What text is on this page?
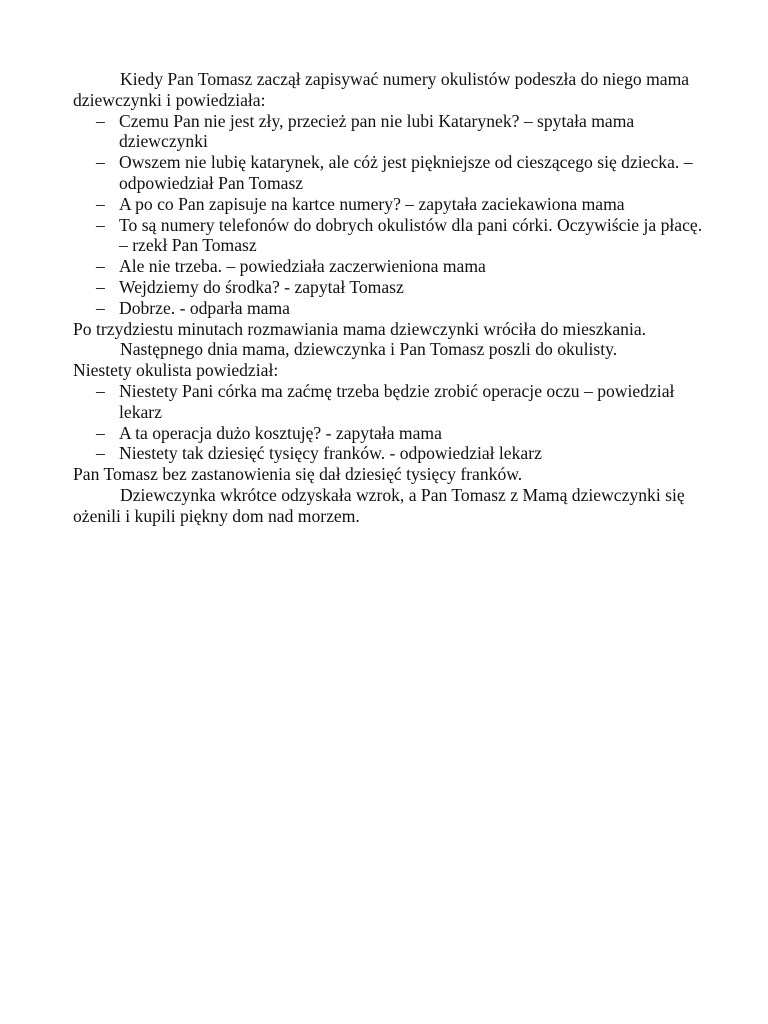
Kiedy Pan Tomasz zaczął zapisywać numery okulistów podeszła do niego mama dziewczynki i powiedziała:

– Czemu Pan nie jest zły, przecież pan nie lubi Katarynek? – spytała mama dziewczynki
– Owszem nie lubię katarynek, ale cóż jest piękniejsze od cieszącego się dziecka. – odpowiedział Pan Tomasz
– A po co Pan zapisuje na kartce numery? – zapytała zaciekawiona mama
– To są numery telefonów do dobrych okulistów dla pani córki. Oczywiście ja płacę. – rzekł Pan Tomasz
– Ale nie trzeba. – powiedziała zaczerwieniona mama
– Wejdziemy do środka? - zapytał Tomasz
– Dobrze. - odparła mama

Po trzydziestu minutach rozmawiania mama dziewczynki wróciła do mieszkania.

Następnego dnia mama, dziewczynka i Pan Tomasz poszli do okulisty.

Niestety okulista powiedział:

– Niestety Pani córka ma zaćmę trzeba będzie zrobić operacje oczu – powiedział lekarz
– A ta operacja dużo kosztuję? - zapytała mama
– Niestety tak dziesięć tysięcy franków. - odpowiedział lekarz

Pan Tomasz bez zastanowienia się dał dziesięć tysięcy franków.

Dziewczynka wkrótce odzyskała wzrok, a Pan Tomasz z Mamą dziewczynki się ożenili i kupili piękny dom nad morzem.
